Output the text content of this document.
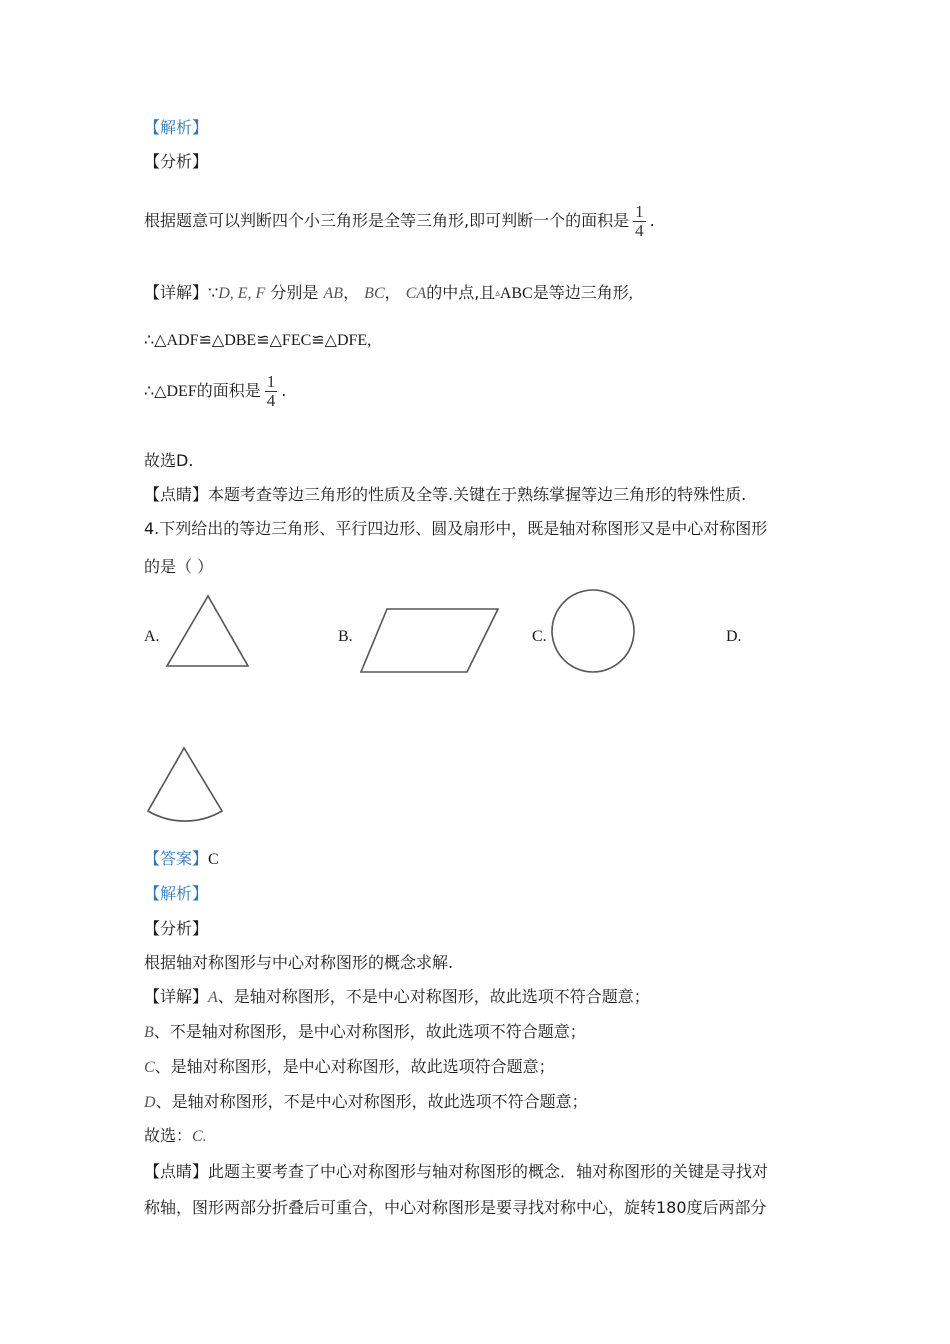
【解析】
【分析】
根据题意可以判断四个小三角形是全等三角形,即可判断一个的面积是 $\frac{1}{4}$ .
【详解】∵D, E, F 分别是 AB， BC， CA的中点,且▵ABC是等边三角形,
∴△ADF≌△DBE≌△FEC≌△DFE,
∴△DEF的面积是 $\frac{1}{4}$ .
故选D.
【点睛】本题考查等边三角形的性质及全等.关键在于熟练掌握等边三角形的特殊性质.
4.下列给出的等边三角形、平行四边形、圆及扇形中，既是轴对称图形又是中心对称图形
的是（ ）
A.	B.	C.	D.
【答案】C
【解析】
【分析】
根据轴对称图形与中心对称图形的概念求解.
【详解】A、是轴对称图形，不是中心对称图形，故此选项不符合题意；
B、不是轴对称图形，是中心对称图形，故此选项不符合题意；
C、是轴对称图形，是中心对称图形，故此选项符合题意；
D、是轴对称图形，不是中心对称图形，故此选项不符合题意；
故选：C.
【点睛】此题主要考查了中心对称图形与轴对称图形的概念．轴对称图形的关键是寻找对
称轴，图形两部分折叠后可重合，中心对称图形是要寻找对称中心，旋转180度后两部分
